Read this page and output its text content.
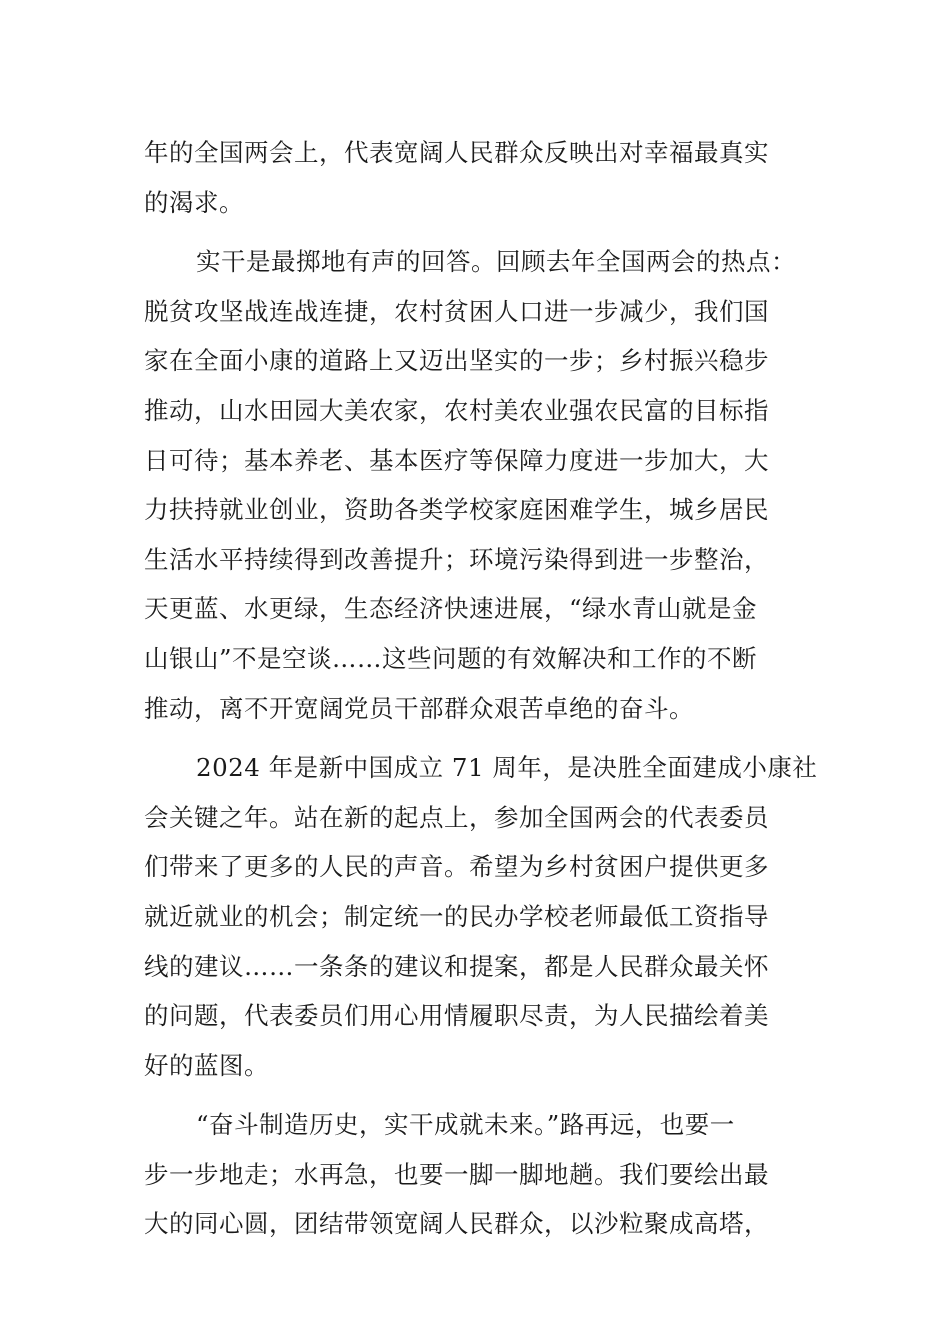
年的全国两会上，代表宽阔人民群众反映出对幸福最真实
的渴求。
实干是最掷地有声的回答。回顾去年全国两会的热点：
脱贫攻坚战连战连捷，农村贫困人口进一步减少，我们国
家在全面小康的道路上又迈出坚实的一步；乡村振兴稳步
推动，山水田园大美农家，农村美农业强农民富的目标指
日可待；基本养老、基本医疗等保障力度进一步加大，大
力扶持就业创业，资助各类学校家庭困难学生，城乡居民
生活水平持续得到改善提升；环境污染得到进一步整治，
天更蓝、水更绿，生态经济快速进展，“绿水青山就是金
山银山”不是空谈……这些问题的有效解决和工作的不断
推动，离不开宽阔党员干部群众艰苦卓绝的奋斗。
2024 年是新中国成立 71 周年，是决胜全面建成小康社
会关键之年。站在新的起点上，参加全国两会的代表委员
们带来了更多的人民的声音。希望为乡村贫困户提供更多
就近就业的机会；制定统一的民办学校老师最低工资指导
线的建议……一条条的建议和提案，都是人民群众最关怀
的问题，代表委员们用心用情履职尽责，为人民描绘着美
好的蓝图。
“奋斗制造历史，实干成就未来。”路再远，也要一
步一步地走；水再急，也要一脚一脚地趟。我们要绘出最
大的同心圆，团结带领宽阔人民群众，以沙粒聚成高塔，
